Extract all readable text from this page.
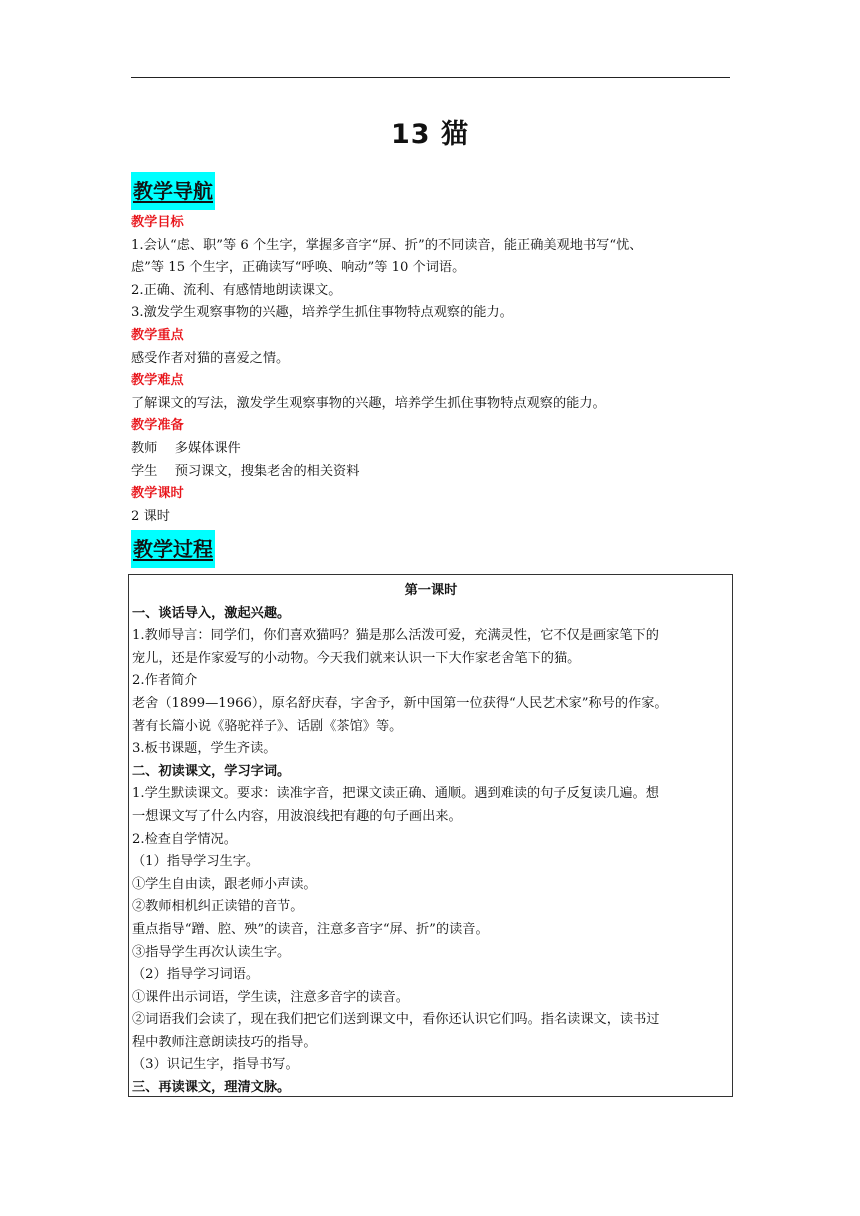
13 猫
教学导航

教学目标

1.会认“虑、职”等 6 个生字，掌握多音字“屏、折”的不同读音，能正确美观地书写“忧、

虑”等 15 个生字，正确读写“呼唤、响动”等 10 个词语。

2.正确、流利、有感情地朗读课文。

3.激发学生观察事物的兴趣，培养学生抓住事物特点观察的能力。

教学重点

感受作者对猫的喜爱之情。

教学难点

了解课文的写法，激发学生观察事物的兴趣，培养学生抓住事物特点观察的能力。

教学准备

教师　 多媒体课件

学生　 预习课文，搜集老舍的相关资料

教学课时

2 课时

教学过程

第一课时

一、谈话导入，激起兴趣。

1.教师导言：同学们，你们喜欢猫吗？猫是那么活泼可爱，充满灵性，它不仅是画家笔下的

宠儿，还是作家爱写的小动物。今天我们就来认识一下大作家老舍笔下的猫。

2.作者简介

老舍（1899—1966），原名舒庆春，字舍予，新中国第一位获得“人民艺术家”称号的作家。

著有长篇小说《骆驼祥子》、话剧《茶馆》等。

3.板书课题，学生齐读。

二、初读课文，学习字词。

1.学生默读课文。要求：读准字音，把课文读正确、通顺。遇到难读的句子反复读几遍。想

一想课文写了什么内容，用波浪线把有趣的句子画出来。

2.检查自学情况。

（1）指导学习生字。

①学生自由读，跟老师小声读。

②教师相机纠正读错的音节。

重点指导“蹭、腔、殃”的读音，注意多音字“屏、折”的读音。

③指导学生再次认读生字。

（2）指导学习词语。

①课件出示词语，学生读，注意多音字的读音。

②词语我们会读了，现在我们把它们送到课文中，看你还认识它们吗。指名读课文，读书过

程中教师注意朗读技巧的指导。

（3）识记生字，指导书写。

三、再读课文，理清文脉。
